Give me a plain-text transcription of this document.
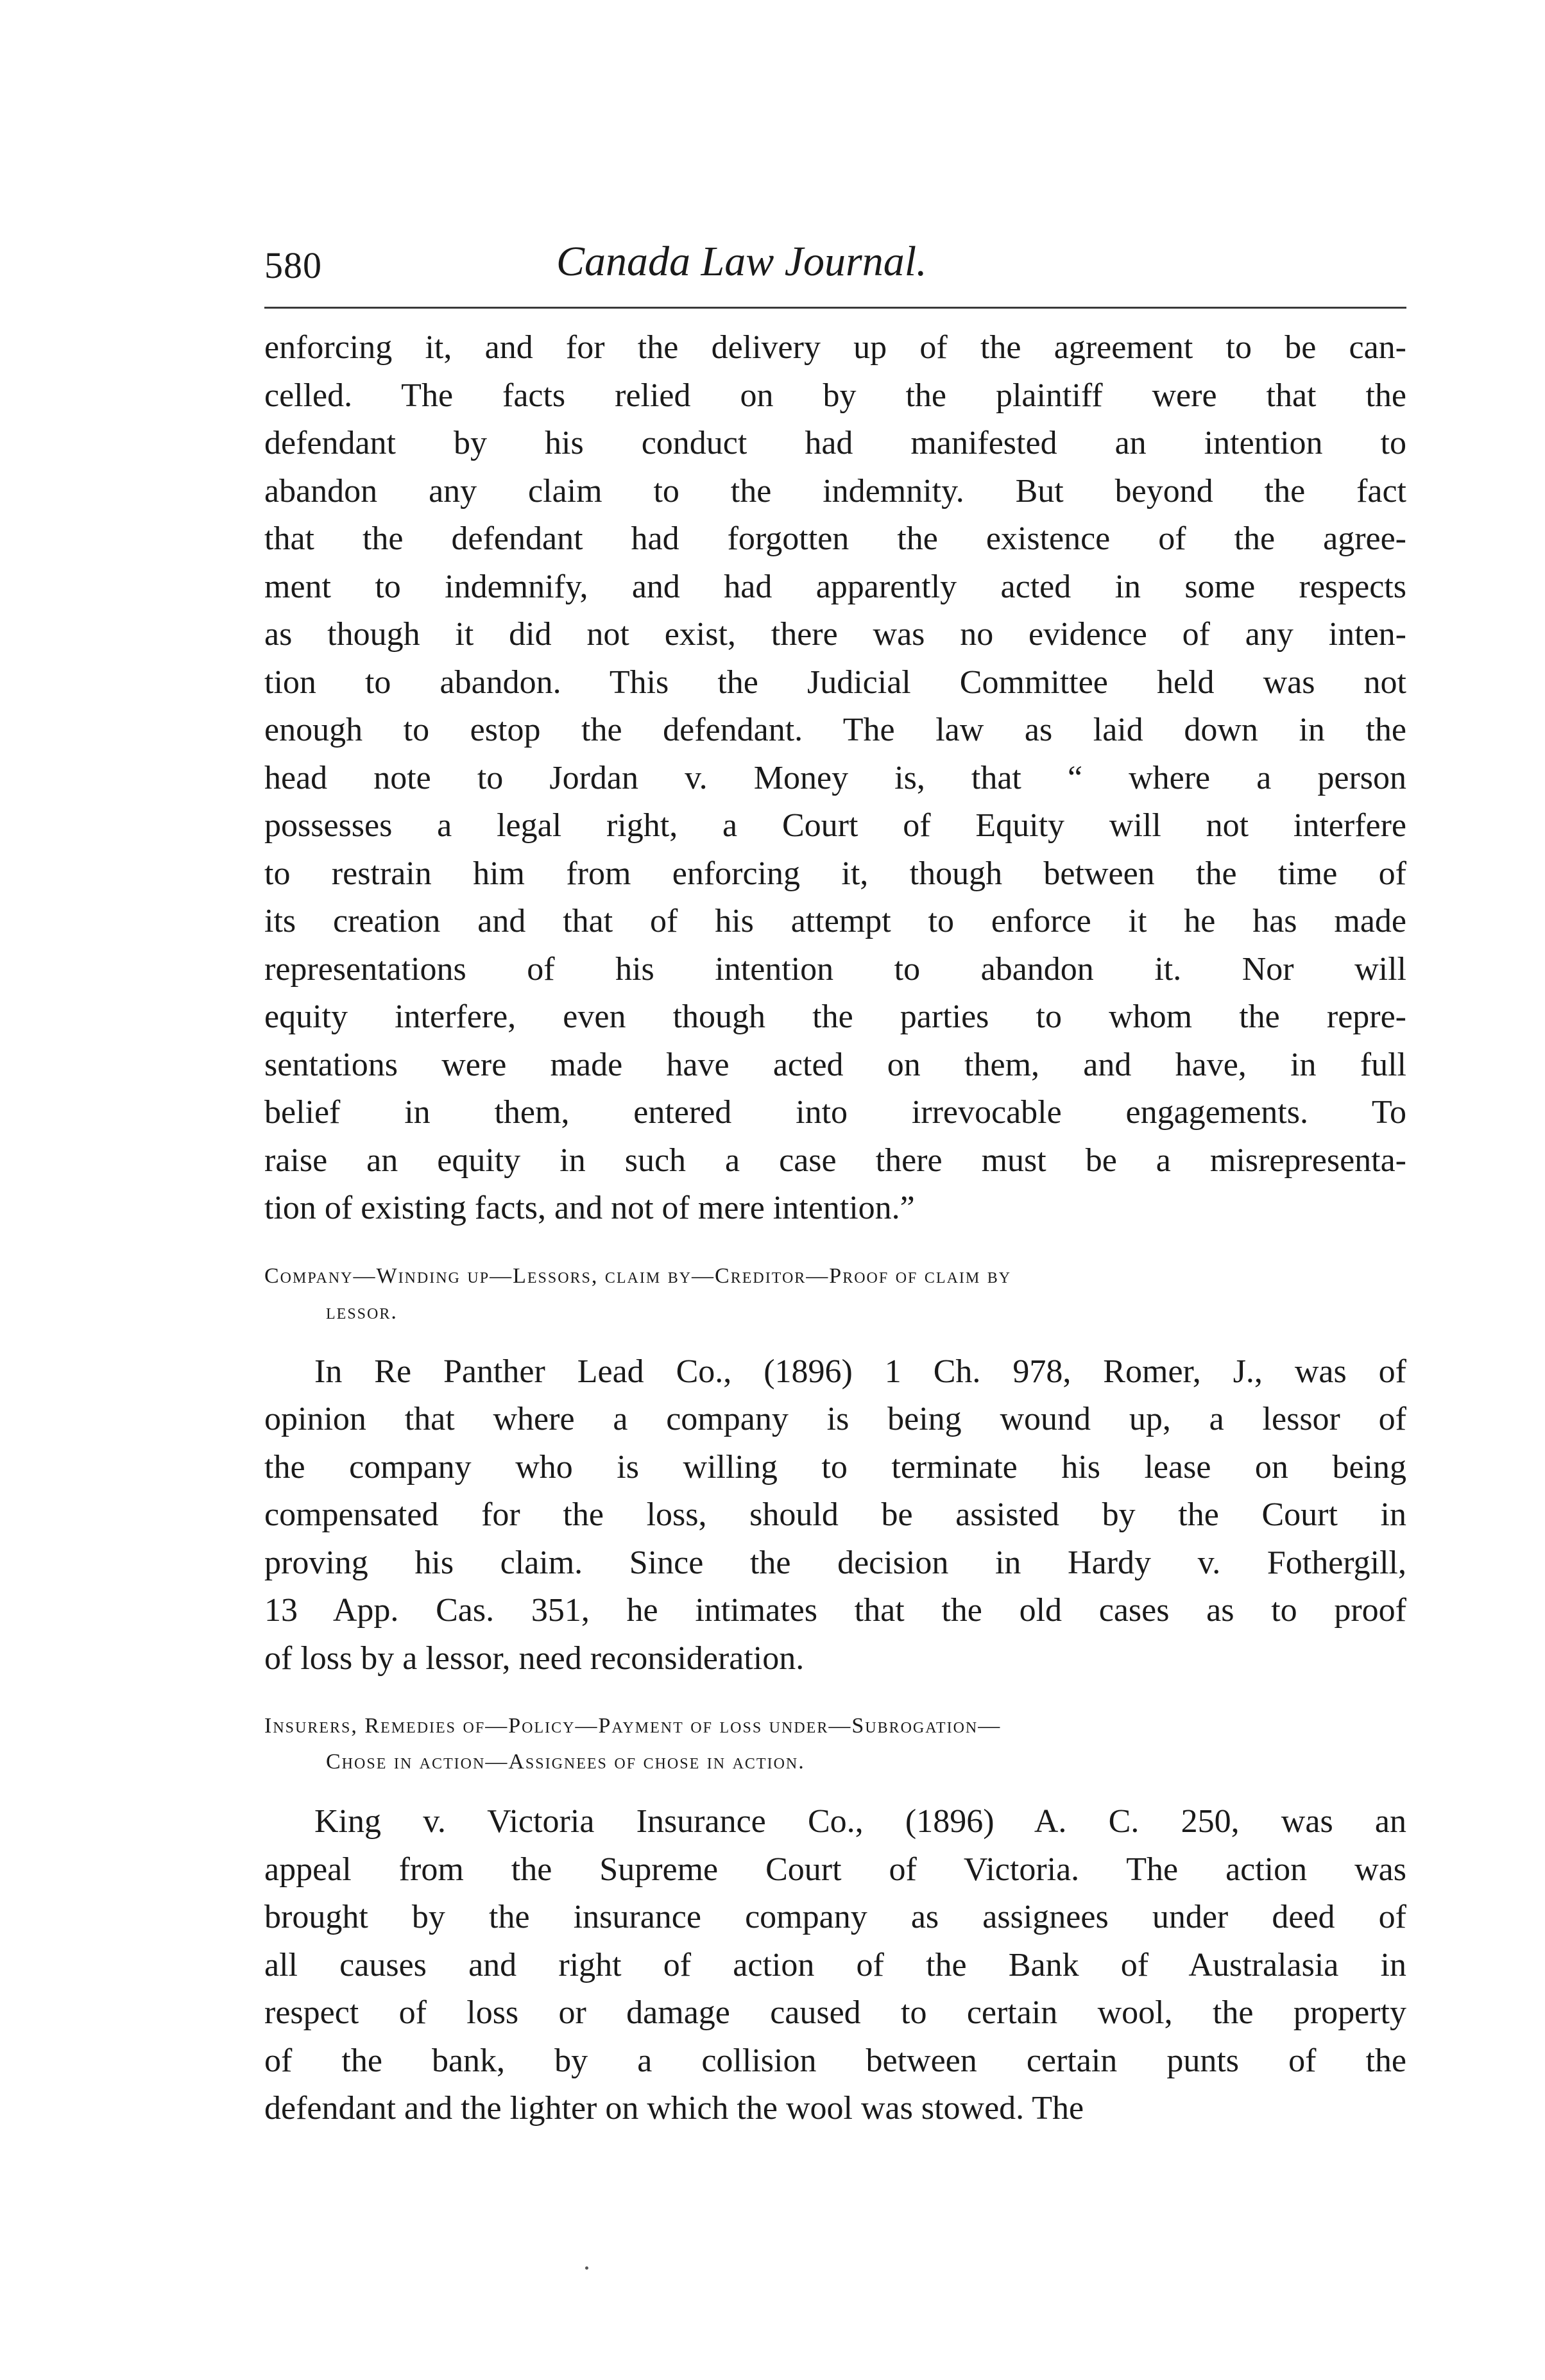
580	Canada Law Journal.
enforcing it, and for the delivery up of the agreement to be can-
celled. The facts relied on by the plaintiff were that the
defendant by his conduct had manifested an intention to
abandon any claim to the indemnity. But beyond the fact
that the defendant had forgotten the existence of the agree-
ment to indemnify, and had apparently acted in some respects
as though it did not exist, there was no evidence of any inten-
tion to abandon. This the Judicial Committee held was not
enough to estop the defendant. The law as laid down in the
head note to Jordan v. Money is, that “ where a person
possesses a legal right, a Court of Equity will not interfere
to restrain him from enforcing it, though between the time of
its creation and that of his attempt to enforce it he has made
representations of his intention to abandon it. Nor will
equity interfere, even though the parties to whom the repre-
sentations were made have acted on them, and have, in full
belief in them, entered into irrevocable engagements. To
raise an equity in such a case there must be a misrepresenta-
tion of existing facts, and not of mere intention.”
Company—Winding up—Lessors, claim by—Creditor—Proof of claim by
lessor.
In Re Panther Lead Co., (1896) 1 Ch. 978, Romer, J., was of
opinion that where a company is being wound up, a lessor of
the company who is willing to terminate his lease on being
compensated for the loss, should be assisted by the Court in
proving his claim. Since the decision in Hardy v. Fothergill,
13 App. Cas. 351, he intimates that the old cases as to proof
of loss by a lessor, need reconsideration.
Insurers, Remedies of—Policy—Payment of loss under—Subrogation—
Chose in action—Assignees of chose in action.
King v. Victoria Insurance Co., (1896) A. C. 250, was an
appeal from the Supreme Court of Victoria. The action was
brought by the insurance company as assignees under deed of
all causes and right of action of the Bank of Australasia in
respect of loss or damage caused to certain wool, the property
of the bank, by a collision between certain punts of the
defendant and the lighter on which the wool was stowed. The
